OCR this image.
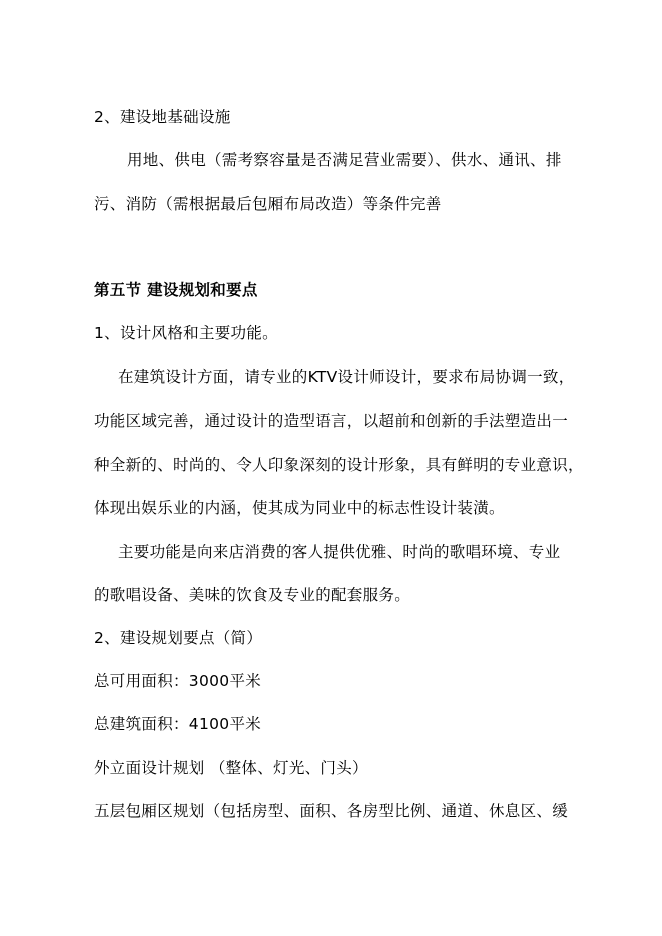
2、建设地基础设施
用地、供电（需考察容量是否满足营业需要）、供水、通讯、排
污、消防（需根据最后包厢布局改造）等条件完善
第五节 建设规划和要点
1、设计风格和主要功能。
在建筑设计方面，请专业的KTV设计师设计，要求布局协调一致，
功能区域完善，通过设计的造型语言，以超前和创新的手法塑造出一
种全新的、时尚的、令人印象深刻的设计形象，具有鲜明的专业意识，
体现出娱乐业的内涵，使其成为同业中的标志性设计装潢。
主要功能是向来店消费的客人提供优雅、时尚的歌唱环境、专业
的歌唱设备、美味的饮食及专业的配套服务。
2、建设规划要点（简）
总可用面积：3000平米
总建筑面积：4100平米
外立面设计规划 （整体、灯光、门头）
五层包厢区规划（包括房型、面积、各房型比例、通道、休息区、缓
